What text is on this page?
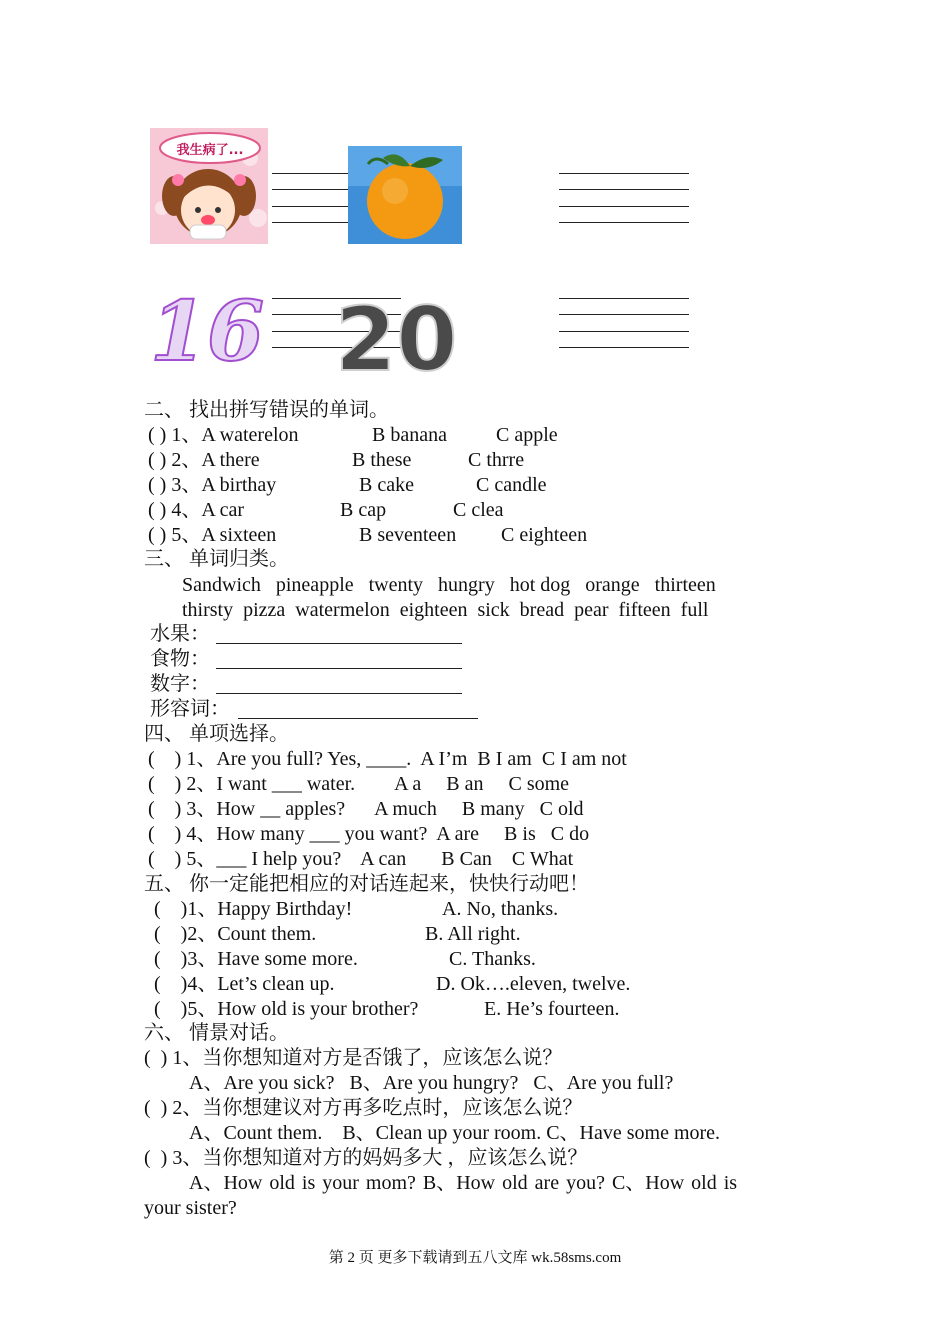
我生病了...
16 20
二、 找出拼写错误的单词。
( ) 1、A waterelon	B banana C apple
( ) 2、A there	B these	C thrre
( ) 3、A birthay	B cake	C candle
( ) 4、A car	B cap	C clea
( ) 5、A sixteen	B seventeen C eighteen
三、 单词归类。
Sandwich   pineapple   twenty   hungry   hot dog   orange   thirteen
thirsty  pizza  watermelon  eighteen  sick  bread  pear  fifteen  full
水果：
食物：
数字：
形容词：
四、 单项选择。
(    ) 1、Are you full? Yes, ____.  A I’m  B I am  C I am not
(    ) 2、I want ___ water.        A a     B an     C some
(    ) 3、How __ apples?      A much     B many   C old
(    ) 4、How many ___ you want?  A are     B is   C do
(    ) 5、___ I help you?    A can       B Can    C What
五、 你一定能把相应的对话连起来，快快行动吧！
(    )1、Happy Birthday!	A. No, thanks.
(    )2、Count them.	B. All right.
(    )3、Have some more.	C. Thanks.
(    )4、Let’s clean up.	D. Ok….eleven, twelve.
(    )5、How old is your brother?	E. He’s fourteen.
六、 情景对话。
(  ) 1、当你想知道对方是否饿了，应该怎么说？
A、Are you sick?   B、Are you hungry?   C、Are you full?
(  ) 2、当你想建议对方再多吃点时，应该怎么说？
A、Count them.    B、Clean up your room. C、Have some more.
(  ) 3、当你想知道对方的妈妈多大 ，应该怎么说？
A、How old is your mom? B、How old are you? C、How old is
your sister?
第 2 页 更多下载请到五八文库 wk.58sms.com
